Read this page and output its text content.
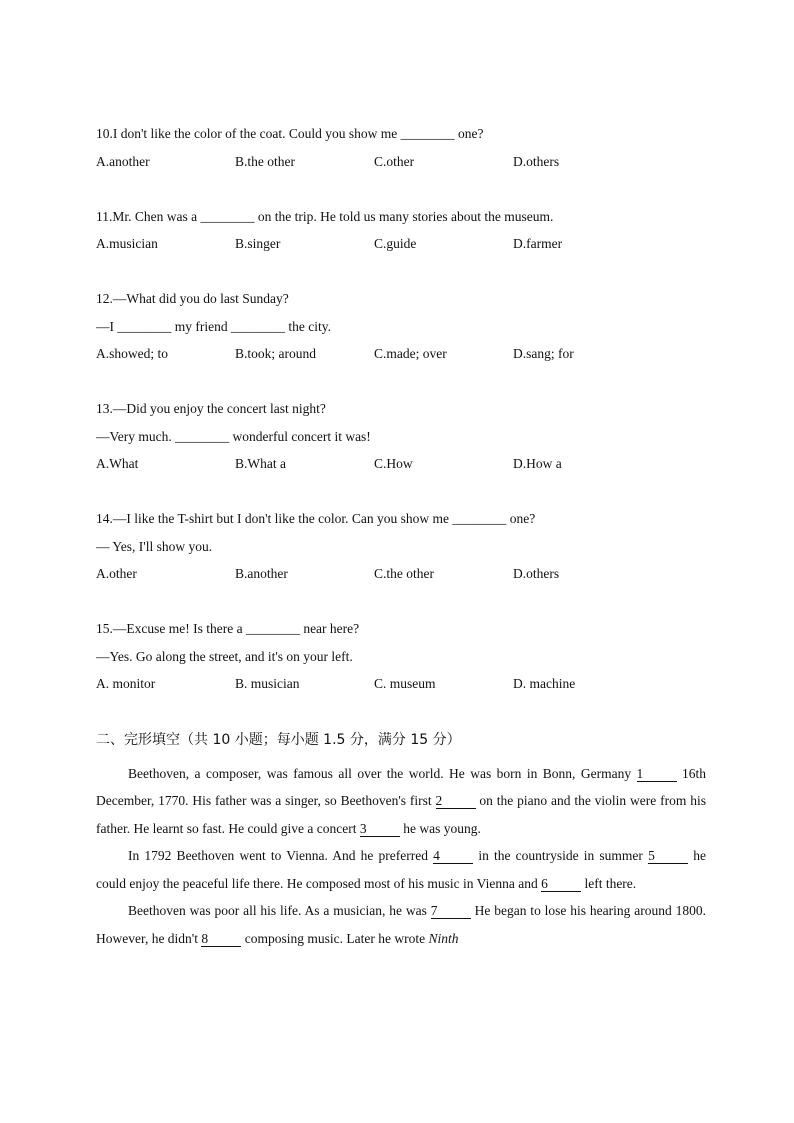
10.I don't like the color of the coat. Could you show me ________ one?
A.another	B.the other	C.other	D.others
11.Mr. Chen was a ________ on the trip. He told us many stories about the museum.
A.musician	B.singer	C.guide	D.farmer
12.—What did you do last Sunday?
—I ________ my friend ________ the city.
A.showed; to	B.took; around	C.made; over	D.sang; for
13.—Did you enjoy the concert last night?
—Very much. ________ wonderful concert it was!
A.What	B.What a	C.How	D.How a
14.—I like the T-shirt but I don't like the color. Can you show me ________ one?
— Yes, I'll show you.
A.other	B.another	C.the other	D.others
15.—Excuse me! Is there a ________ near here?
—Yes. Go along the street, and it's on your left.
A. monitor	B. musician	C. museum	D. machine
二、完形填空（共 10 小题；每小题 1.5 分，满分 15 分）

Beethoven, a composer, was famous all over the world. He was born in Bonn, Germany 1 16th December, 1770. His father was a singer, so Beethoven's first 2 on the piano and the violin were from his father. He learnt so fast. He could give a concert 3 he was young.

In 1792 Beethoven went to Vienna. And he preferred 4 in the countryside in summer 5 he could enjoy the peaceful life there. He composed most of his music in Vienna and 6 left there.

Beethoven was poor all his life. As a musician, he was 7 He began to lose his hearing around 1800. However, he didn't 8 composing music. Later he wrote Ninth
